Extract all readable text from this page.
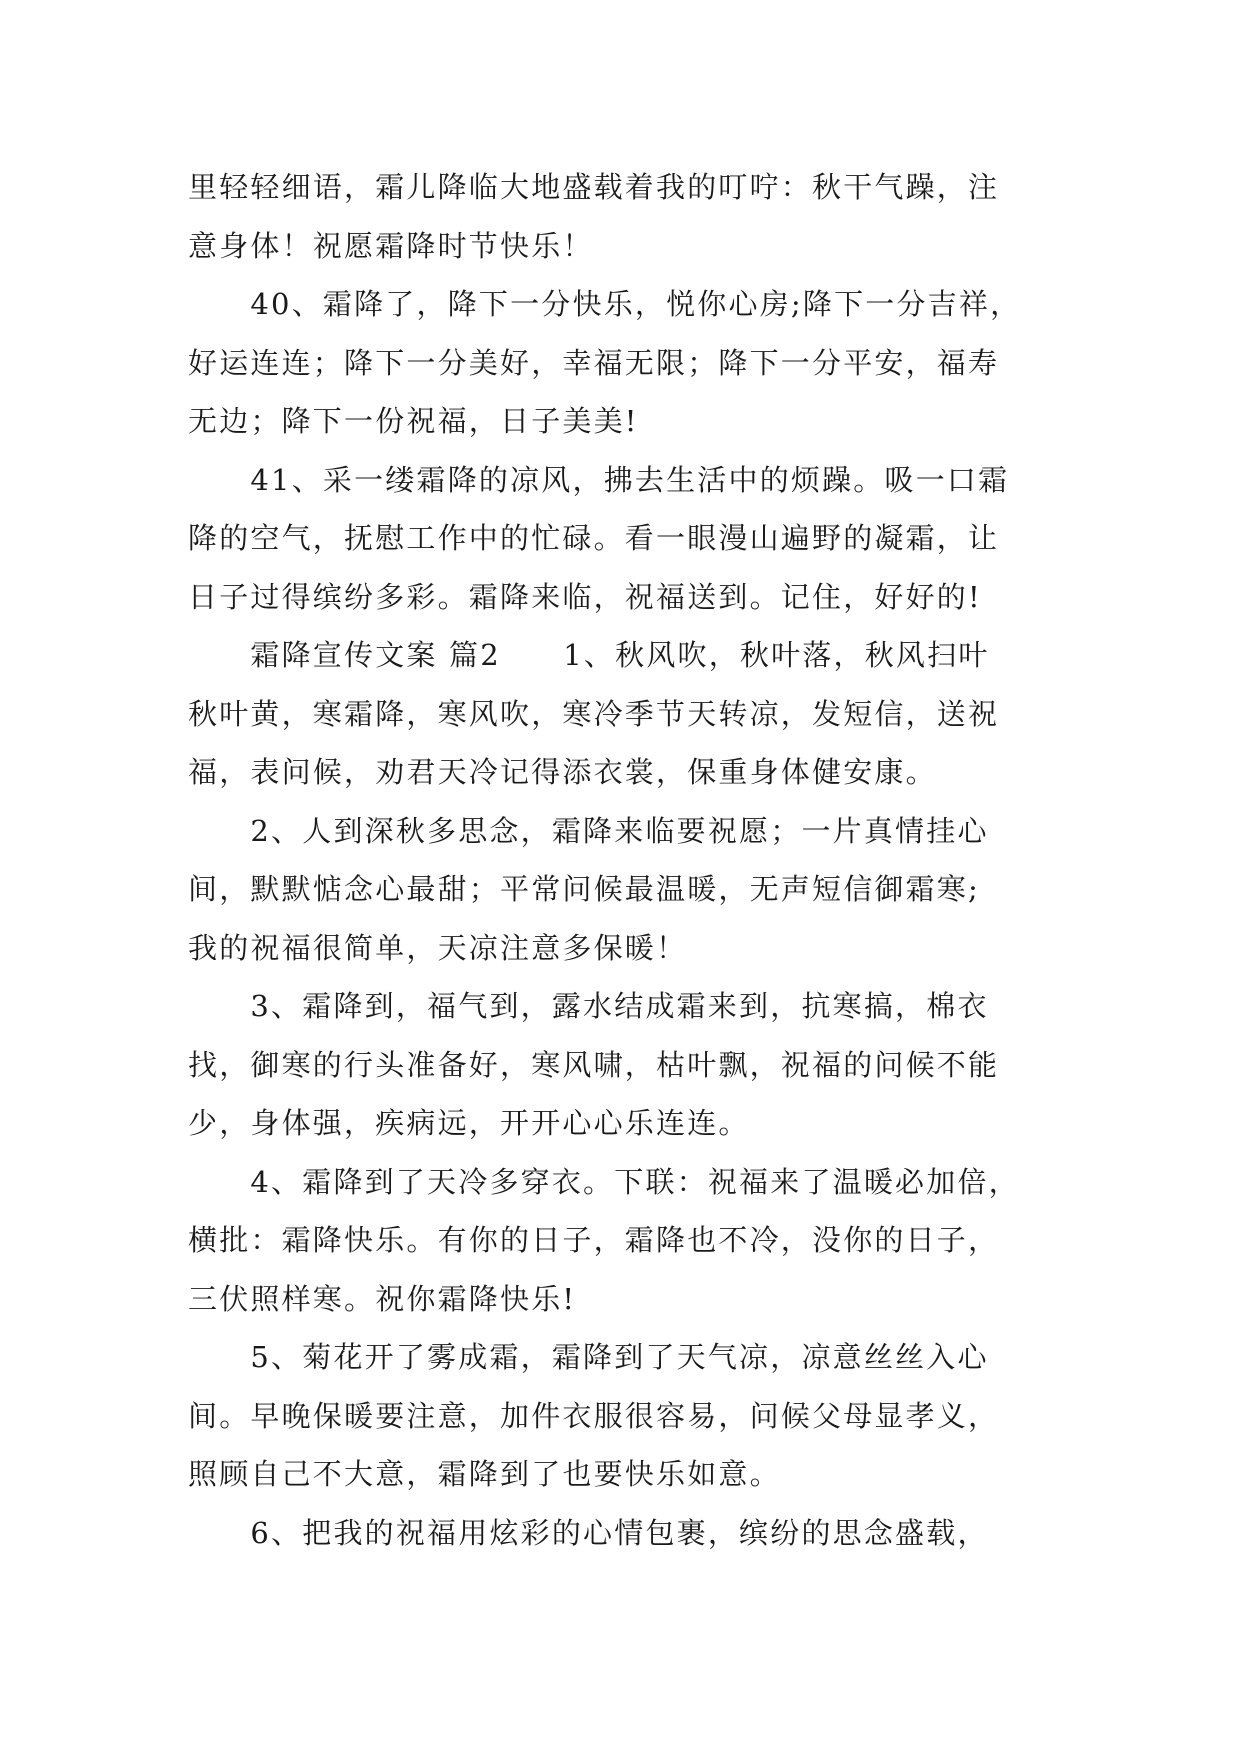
里轻轻细语，霜儿降临大地盛载着我的叮咛：秋干气躁，注
意身体！祝愿霜降时节快乐！
　　40、霜降了，降下一分快乐，悦你心房;降下一分吉祥，
好运连连；降下一分美好，幸福无限；降下一分平安，福寿
无边；降下一份祝福，日子美美!
　　41、采一缕霜降的凉风，拂去生活中的烦躁。吸一口霜
降的空气，抚慰工作中的忙碌。看一眼漫山遍野的凝霜，让
日子过得缤纷多彩。霜降来临，祝福送到。记住，好好的!
　　霜降宣传文案 篇2　　1、秋风吹，秋叶落，秋风扫叶
秋叶黄，寒霜降，寒风吹，寒冷季节天转凉，发短信，送祝
福，表问候，劝君天冷记得添衣裳，保重身体健安康。
　　2、人到深秋多思念，霜降来临要祝愿；一片真情挂心
间，默默惦念心最甜；平常问候最温暖，无声短信御霜寒;
我的祝福很简单，天凉注意多保暖！
　　3、霜降到，福气到，露水结成霜来到，抗寒搞，棉衣
找，御寒的行头准备好，寒风啸，枯叶飘，祝福的问候不能
少，身体强，疾病远，开开心心乐连连。
　　4、霜降到了天冷多穿衣。下联：祝福来了温暖必加倍，
横批：霜降快乐。有你的日子，霜降也不冷，没你的日子，
三伏照样寒。祝你霜降快乐!
　　5、菊花开了雾成霜，霜降到了天气凉，凉意丝丝入心
间。早晚保暖要注意，加件衣服很容易，问候父母显孝义，
照顾自己不大意，霜降到了也要快乐如意。
　　6、把我的祝福用炫彩的心情包裹，缤纷的思念盛载，
